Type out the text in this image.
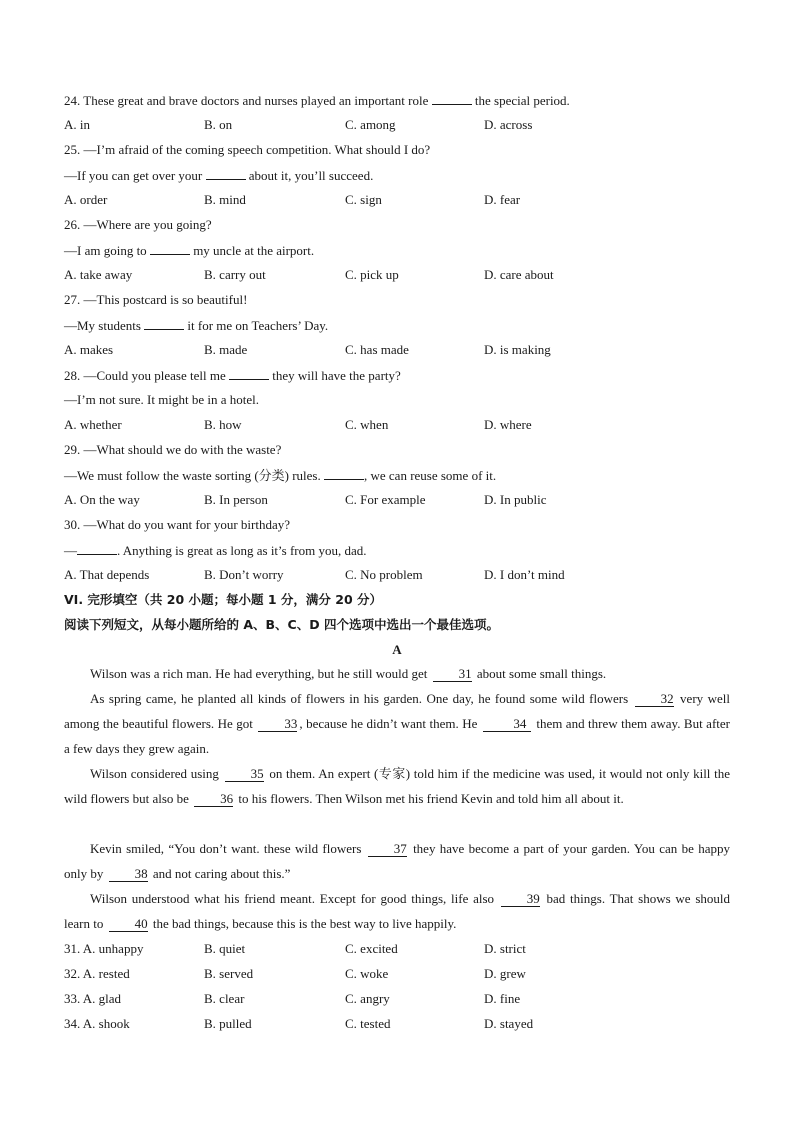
24. These great and brave doctors and nurses played an important role	the special period.
A. in	B. on	C. among	D. across
25. —I’m afraid of the coming speech competition. What should I do?
—If you can get over your	about it, you’ll succeed.
A. order	B. mind	C. sign	D. fear
26. —Where are you going?
—I am going to	my uncle at the airport.
A. take away	B. carry out	C. pick up	D. care about
27. —This postcard is so beautiful!
—My students	it for me on Teachers’ Day.
A. makes	B. made	C. has made	D. is making
28. —Could you please tell me	they will have the party?
—I’m not sure. It might be in a hotel.
A. whether	B. how	C. when	D. where
29. —What should we do with the waste?
—We must follow the waste sorting (分类) rules.	, we can reuse some of it.
A. On the way	B. In person	C. For example	D. In public
30. —What do you want for your birthday?
—	. Anything is great as long as it’s from you, dad.
A. That depends	B. Don’t worry	C. No problem	D. I don’t mind
VI. 完形填空（共 20 小题；每小题 1 分，满分 20 分）
阅读下列短文，从每小题所给的 A、B、C、D 四个选项中选出一个最佳选项。
A
Wilson was a rich man. He had everything, but he still would get 31 about some small things.
As spring came, he planted all kinds of flowers in his garden. One day, he found some wild flowers 32 very well among the beautiful flowers. He got 33 , because he didn’t want them. He	34 them and threw them away. But after a few days they grew again.
Wilson considered using 35 on them. An expert (专家) told him if the medicine was used, it would not only kill the wild flowers but also be 36 to his flowers. Then Wilson met his friend Kevin and told him all about it.
Kevin smiled, “You don’t want. these wild flowers 37 they have become a part of your garden. You can be happy only by 38 and not caring about this.”
Wilson understood what his friend meant. Except for good things, life also 39 bad things. That shows we should learn to 40 the bad things, because this is the best way to live happily.
31. A. unhappy	B. quiet	C. excited	D. strict
32. A. rested	B. served	C. woke	D. grew
33. A. glad	B. clear	C. angry	D. fine
34. A. shook	B. pulled	C. tested	D. stayed
